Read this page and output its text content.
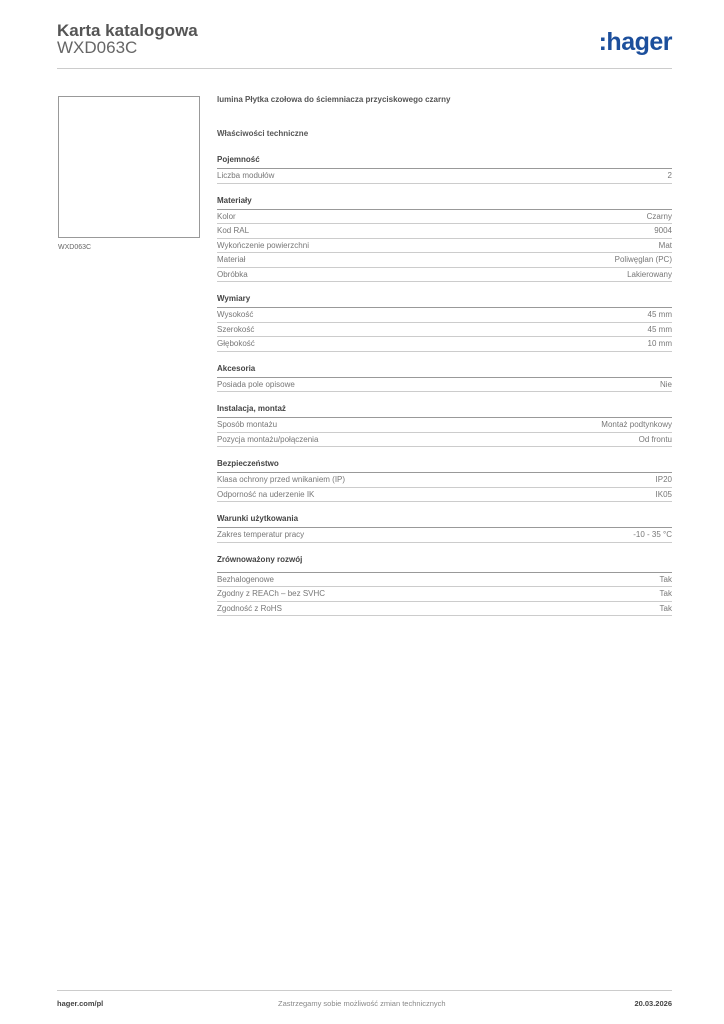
Karta katalogowa
WXD063C	:hager
WXD063C
lumina Płytka czołowa do ściemniacza przyciskowego czarny
Właściwości techniczne
Pojemność
Liczba modułów	2
Materiały
Kolor	Czarny
Kod RAL	9004
Wykończenie powierzchni	Mat
Materiał	Poliwęglan (PC)
Obróbka	Lakierowany
Wymiary
Wysokość	45 mm
Szerokość	45 mm
Głębokość	10 mm
Akcesoria
Posiada pole opisowe	Nie
Instalacja, montaż
Sposób montażu	Montaż podtynkowy
Pozycja montażu/połączenia	Od frontu
Bezpieczeństwo
Klasa ochrony przed wnikaniem (IP)	IP20
Odporność na uderzenie IK	IK05
Warunki użytkowania
Zakres temperatur pracy	-10 - 35 °C
Zrównoważony rozwój
Bezhalogenowe	Tak
Zgodny z REACh – bez SVHC	Tak
Zgodność z RoHS	Tak
hager.com/pl	Zastrzegamy sobie możliwość zmian technicznych	20.03.2026
